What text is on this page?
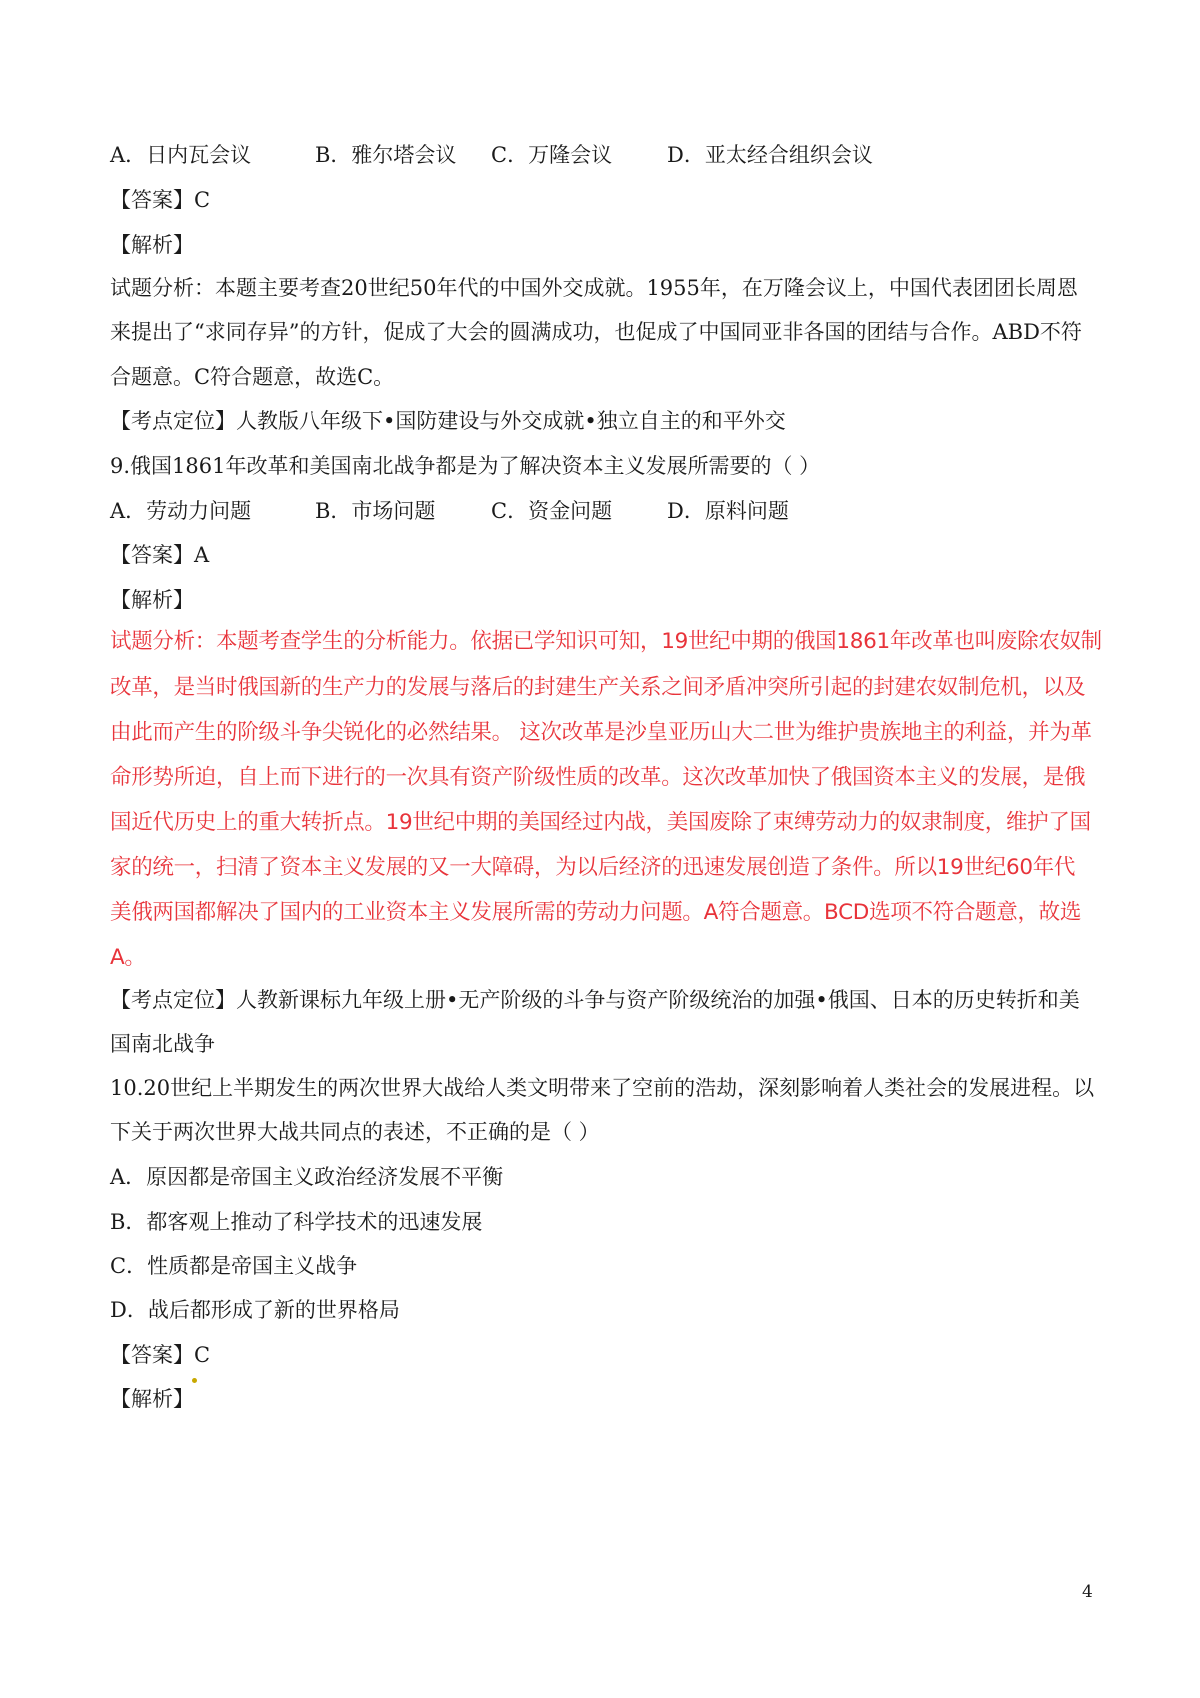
A．日内瓦会议	B．雅尔塔会议 C．万隆会议	D．亚太经合组织会议
【答案】C
【解析】
试题分析：本题主要考查20世纪50年代的中国外交成就。1955年，在万隆会议上，中国代表团团长周恩
来提出了“求同存异”的方针，促成了大会的圆满成功，也促成了中国同亚非各国的团结与合作。ABD不符
合题意。C符合题意，故选C。
【考点定位】人教版八年级下•国防建设与外交成就•独立自主的和平外交
9.俄国1861年改革和美国南北战争都是为了解决资本主义发展所需要的（ ）
A．劳动力问题	B．市场问题	C．资金问题	D．原料问题
【答案】A
【解析】
试题分析：本题考查学生的分析能力。依据已学知识可知，19世纪中期的俄国1861年改革也叫废除农奴制
改革，是当时俄国新的生产力的发展与落后的封建生产关系之间矛盾冲突所引起的封建农奴制危机，以及
由此而产生的阶级斗争尖锐化的必然结果。 这次改革是沙皇亚历山大二世为维护贵族地主的利益，并为革
命形势所迫，自上而下进行的一次具有资产阶级性质的改革。这次改革加快了俄国资本主义的发展，是俄
国近代历史上的重大转折点。19世纪中期的美国经过内战，美国废除了束缚劳动力的奴隶制度，维护了国
家的统一，扫清了资本主义发展的又一大障碍，为以后经济的迅速发展创造了条件。所以19世纪60年代
美俄两国都解决了国内的工业资本主义发展所需的劳动力问题。A符合题意。BCD选项不符合题意，故选
A。
【考点定位】人教新课标九年级上册•无产阶级的斗争与资产阶级统治的加强•俄国、日本的历史转折和美
国南北战争
10.20世纪上半期发生的两次世界大战给人类文明带来了空前的浩劫，深刻影响着人类社会的发展进程。以
下关于两次世界大战共同点的表述，不正确的是（ ）
A．原因都是帝国主义政治经济发展不平衡
B．都客观上推动了科学技术的迅速发展
C．性质都是帝国主义战争
D．战后都形成了新的世界格局
【答案】C
【解析】
4
